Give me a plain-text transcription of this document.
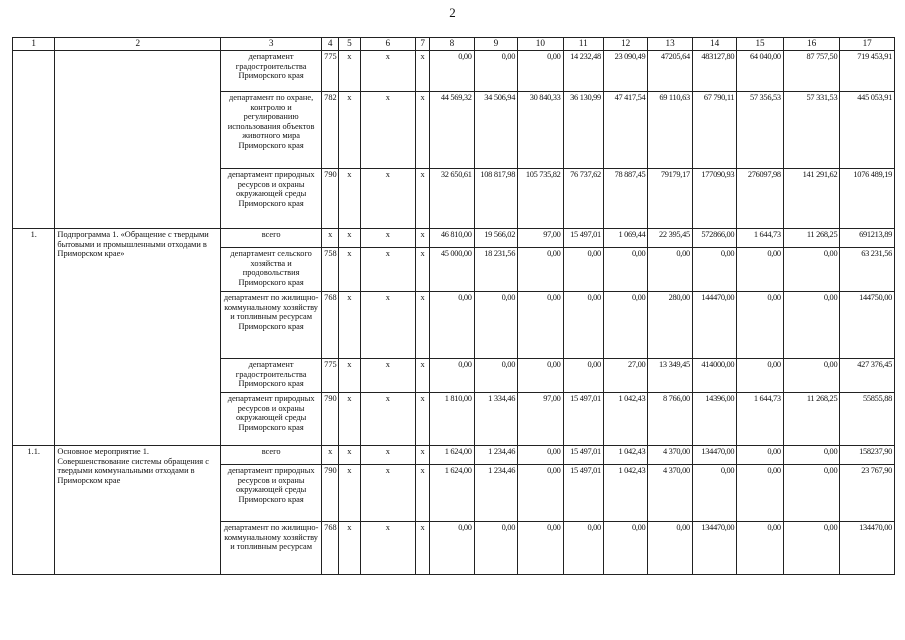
2
1	2	3	4	5	6	7	8	9	10	11	12	13	14	15	16	17
		департамент градостроительства Приморского края	775	x	x	x	0,00	0,00	0,00	14 232,48	23 090,49	47205,64	483127,80	64 040,00	87 757,50	719 453,91
		департамент по охране, контролю и регулированию использования объектов животного мира Приморского края	782	x	x	x	44 569,32	34 506,94	30 840,33	36 130,99	47 417,54	69 110,63	67 790,11	57 356,53	57 331,53	445 053,91
		департамент природных ресурсов и охраны окружающей среды Приморского края	790	x	x	x	32 650,61	108 817,98	105 735,82	76 737,62	78 887,45	79179,17	177090,93	276097,98	141 291,62	1076 489,19
1.	Подпрограмма 1. «Обращение с твердыми бытовыми и промышленными отходами в Приморском крае»	всего	x	x	x	x	46 810,00	19 566,02	97,00	15 497,01	1 069,44	22 395,45	572866,00	1 644,73	11 268,25	691213,89
		департамент сельского хозяйства и продовольствия Приморского края	758	x	x	x	45 000,00	18 231,56	0,00	0,00	0,00	0,00	0,00	0,00	0,00	63 231,56
		департамент по жилищно-коммунальному хозяйству и топливным ресурсам Приморского края	768	x	x	x	0,00	0,00	0,00	0,00	0,00	280,00	144470,00	0,00	0,00	144750,00
		департамент градостроительства Приморского края	775	x	x	x	0,00	0,00	0,00	0,00	27,00	13 349,45	414000,00	0,00	0,00	427 376,45
		департамент природных ресурсов и охраны окружающей среды Приморского края	790	x	x	x	1 810,00	1 334,46	97,00	15 497,01	1 042,43	8 766,00	14396,00	1 644,73	11 268,25	55855,88
1.1.	Основное мероприятие 1. Совершенствование системы обращения с твердыми коммунальными отходами в Приморском крае	всего	x	x	x	x	1 624,00	1 234,46	0,00	15 497,01	1 042,43	4 370,00	134470,00	0,00	0,00	158237,90
		департамент природных ресурсов и охраны окружающей среды Приморского края	790	x	x	x	1 624,00	1 234,46	0,00	15 497,01	1 042,43	4 370,00	0,00	0,00	0,00	23 767,90
		департамент по жилищно-коммунальному хозяйству и топливным ресурсам	768	x	x	x	0,00	0,00	0,00	0,00	0,00	0,00	134470,00	0,00	0,00	134470,00
